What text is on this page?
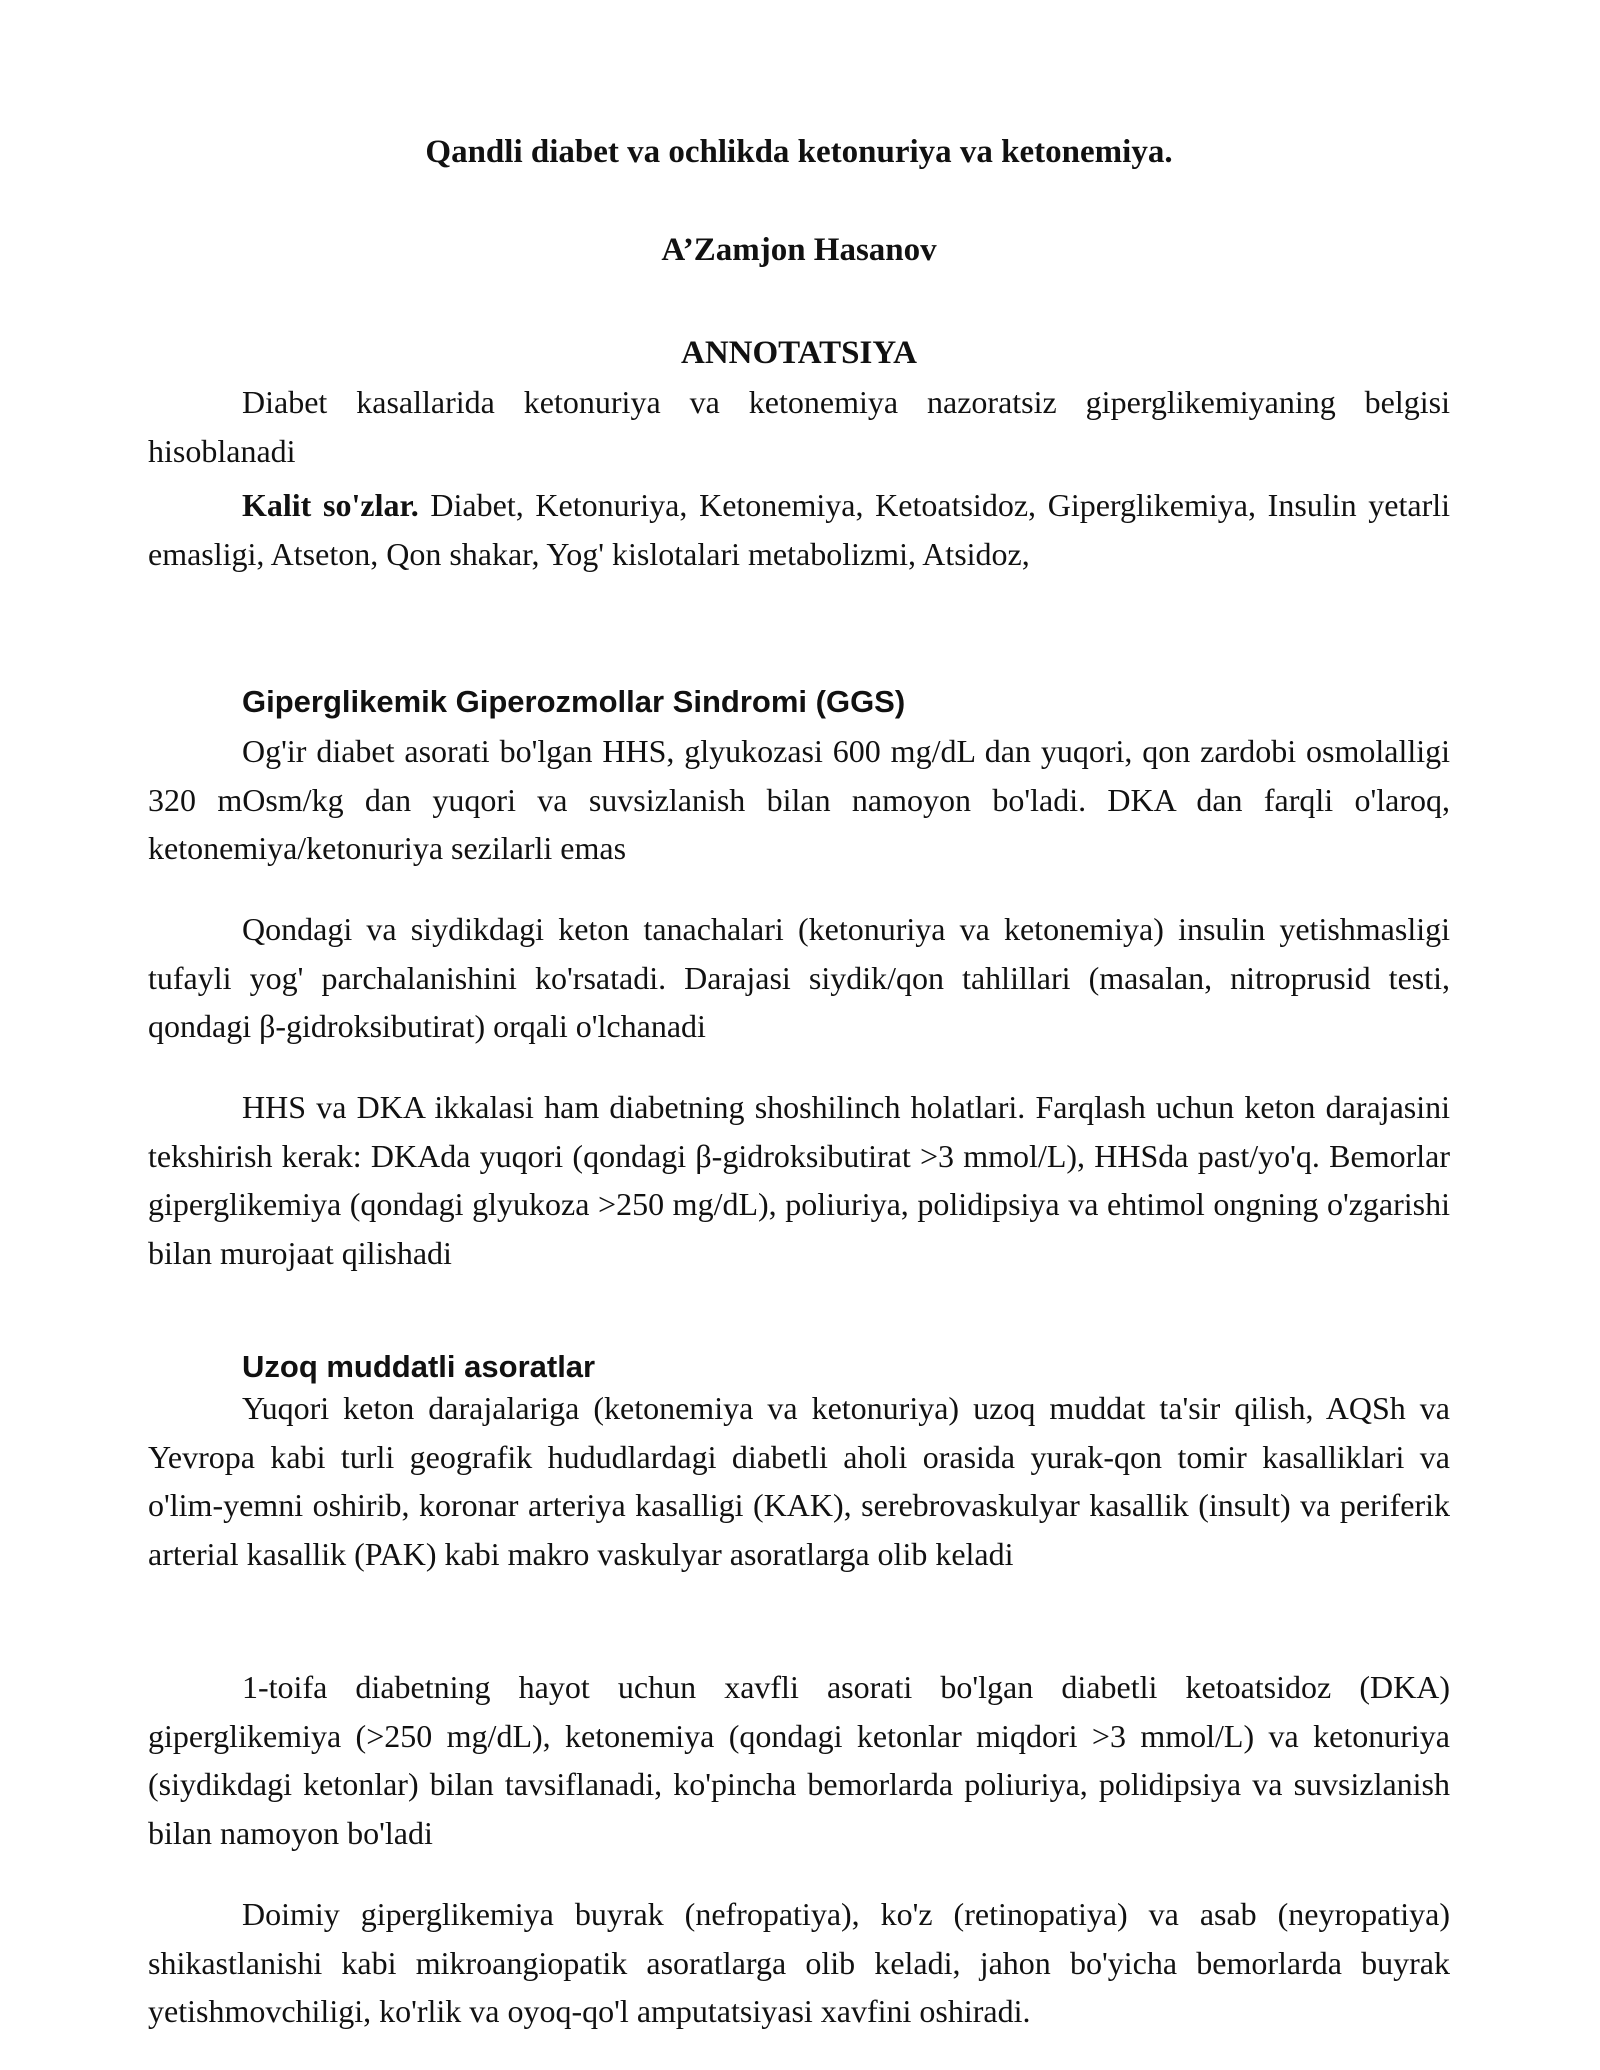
Qandli diabet va ochlikda ketonuriya va ketonemiya.
A’Zamjon Hasanov
ANNOTATSIYA

Diabet kasallarida ketonuriya va ketonemiya nazoratsiz giperglikemiyaning belgisi hisoblanadi

Kalit so'zlar. Diabet, Ketonuriya, Ketonemiya, Ketoatsidoz, Giperglikemiya, Insulin yetarli emasligi, Atseton, Qon shakar, Yog' kislotalari metabolizmi, Atsidoz,

Giperglikemik Giperozmollar Sindromi (GGS)

Og'ir diabet asorati bo'lgan HHS, glyukozasi 600 mg/dL dan yuqori, qon zardobi osmolalligi 320 mOsm/kg dan yuqori va suvsizlanish bilan namoyon bo'ladi. DKA dan farqli o'laroq, ketonemiya/ketonuriya sezilarli emas

Qondagi va siydikdagi keton tanachalari (ketonuriya va ketonemiya) insulin yetishmasligi tufayli yog' parchalanishini ko'rsatadi. Darajasi siydik/qon tahlillari (masalan, nitroprusid testi, qondagi β-gidroksibutirat) orqali o'lchanadi

HHS va DKA ikkalasi ham diabetning shoshilinch holatlari. Farqlash uchun keton darajasini tekshirish kerak: DKAda yuqori (qondagi β-gidroksibutirat >3 mmol/L), HHSda past/yo'q. Bemorlar giperglikemiya (qondagi glyukoza >250 mg/dL), poliuriya, polidipsiya va ehtimol ongning o'zgarishi bilan murojaat qilishadi

Uzoq muddatli asoratlar

Yuqori keton darajalariga (ketonemiya va ketonuriya) uzoq muddat ta'sir qilish, AQSh va Yevropa kabi turli geografik hududlardagi diabetli aholi orasida yurak-qon tomir kasalliklari va o'lim-yemni oshirib, koronar arteriya kasalligi (KAK), serebrovaskulyar kasallik (insult) va periferik arterial kasallik (PAK) kabi makro vaskulyar asoratlarga olib keladi

1-toifa diabetning hayot uchun xavfli asorati bo'lgan diabetli ketoatsidoz (DKA) giperglikemiya (>250 mg/dL), ketonemiya (qondagi ketonlar miqdori >3 mmol/L) va ketonuriya (siydikdagi ketonlar) bilan tavsiflanadi, ko'pincha bemorlarda poliuriya, polidipsiya va suvsizlanish bilan namoyon bo'ladi

Doimiy giperglikemiya buyrak (nefropatiya), ko'z (retinopatiya) va asab (neyropatiya) shikastlanishi kabi mikroangiopatik asoratlarga olib keladi, jahon bo'yicha bemorlarda buyrak yetishmovchiligi, ko'rlik va oyoq-qo'l amputatsiyasi xavfini oshiradi.
